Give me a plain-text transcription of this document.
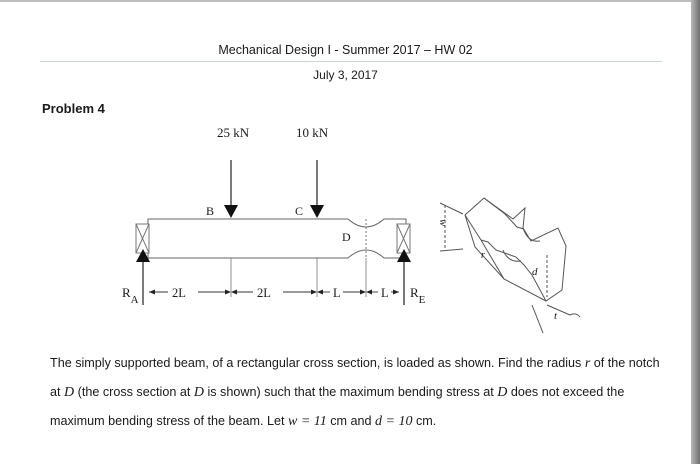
Mechanical Design I - Summer 2017 – HW 02
July 3, 2017
Problem 4
25 kN	10 kN
B	C
D
$R_A$	$R_E$
2L	2L	L	L
w
d
r
t
The simply supported beam, of a rectangular cross section, is loaded as shown. Find the radius r of the notch at D (the cross section at D is shown) such that the maximum bending stress at D does not exceed the maximum bending stress of the beam. Let w = 11 cm and d = 10 cm.
